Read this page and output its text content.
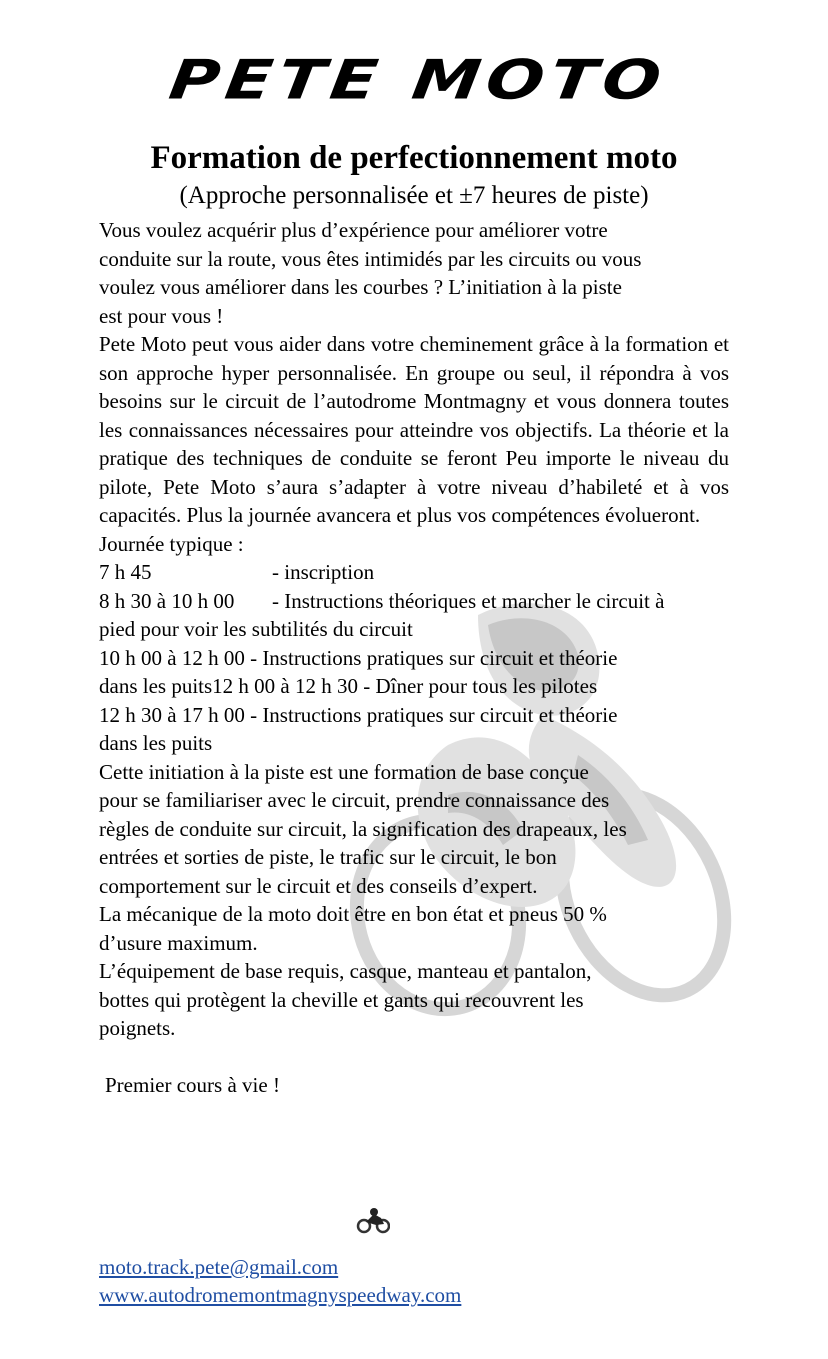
PETE MOTO
Formation de perfectionnement moto
(Approche personnalisée et ±7 heures de piste)

Vous voulez acquérir plus d’expérience pour améliorer votre

conduite sur la route, vous êtes intimidés par les circuits ou vous

voulez vous améliorer dans les courbes ? L’initiation à la piste

est pour vous !

Pete Moto peut vous aider dans votre cheminement grâce à la formation et son approche hyper personnalisée. En groupe ou seul, il répondra à vos besoins sur le circuit de l’autodrome Montmagny et vous donnera toutes les connaissances nécessaires pour atteindre vos objectifs. La théorie et la pratique des techniques de conduite se feront Peu importe le niveau du pilote, Pete Moto s’aura s’adapter à votre niveau d’habileté et à vos capacités. Plus la journée avancera et plus vos compétences évolueront.

Journée typique :

7 h 45	- inscription
8 h 30 à 10 h 00	- Instructions théoriques et marcher le circuit à

pied pour voir les subtilités du circuit

10 h 00 à 12 h 00 - Instructions pratiques sur circuit et théorie

dans les puits12 h 00 à 12 h 30 - Dîner pour tous les pilotes

12 h 30 à 17 h 00 - Instructions pratiques sur circuit et théorie

dans les puits

Cette initiation à la piste est une formation de base conçue

pour se familiariser avec le circuit, prendre connaissance des

règles de conduite sur circuit, la signification des drapeaux, les

entrées et sorties de piste, le trafic sur le circuit, le bon

comportement sur le circuit et des conseils d’expert.

La mécanique de la moto doit être en bon état et pneus 50 %

d’usure maximum.

L’équipement de base requis, casque, manteau et pantalon,

bottes qui protègent la cheville et gants qui recouvrent les

poignets.

Premier cours à vie !

moto.track.pete@gmail.com
www.autodromemontmagnyspeedway.com
